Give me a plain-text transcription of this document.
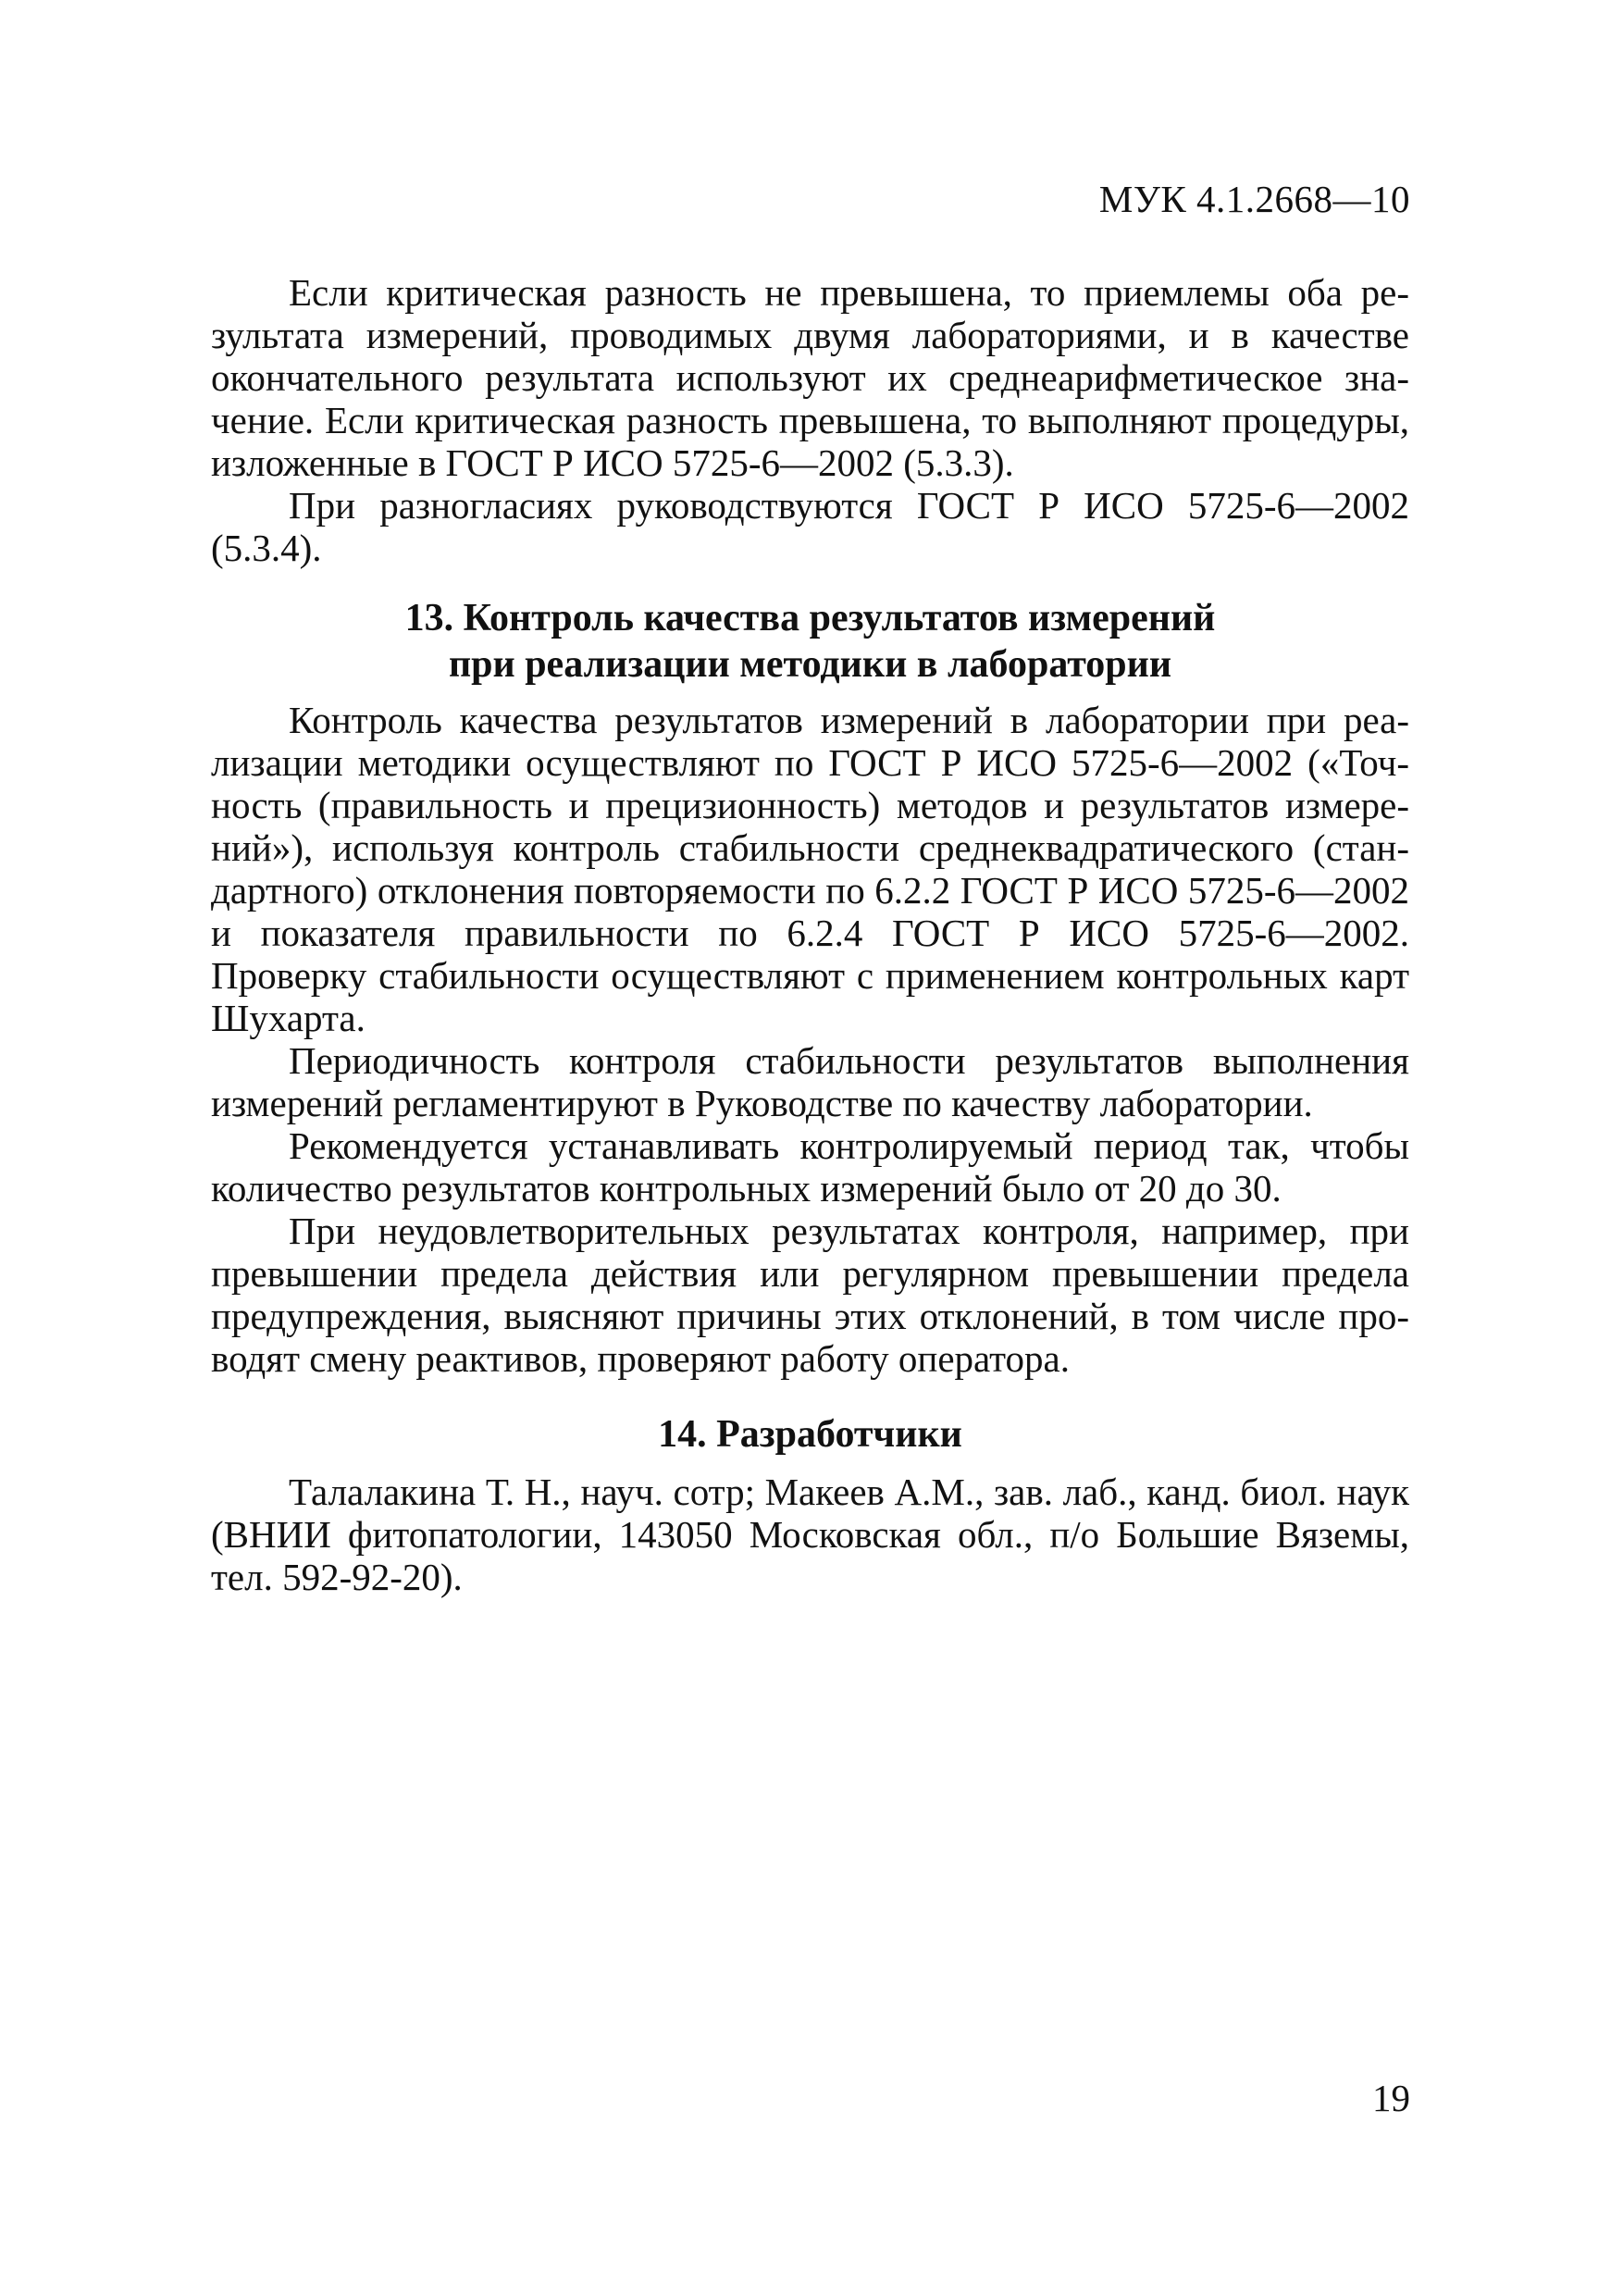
МУК 4.1.2668—10

Если критическая разность не превышена, то приемлемы оба результата измерений, проводимых двумя лабораториями, и в качестве окончательного результата используют их среднеарифметическое значение. Если критическая разность превышена, то выполняют процедуры, изложенные в ГОСТ Р ИСО 5725-6—2002 (5.3.3).

При разногласиях руководствуются ГОСТ Р ИСО 5725-6—2002 (5.3.4).

13. Контроль качества результатов измерений
при реализации методики в лаборатории

Контроль качества результатов измерений в лаборатории при реализации методики осуществляют по ГОСТ Р ИСО 5725-6—2002 («Точность (правильность и прецизионность) методов и результатов измерений»), используя контроль стабильности среднеквадратического (стандартного) отклонения повторяемости по 6.2.2 ГОСТ Р ИСО 5725-6—2002 и показателя правильности по 6.2.4 ГОСТ Р ИСО 5725-6—2002. Проверку стабильности осуществляют с применением контрольных карт Шухарта.

Периодичность контроля стабильности результатов выполнения измерений регламентируют в Руководстве по качеству лаборатории.

Рекомендуется устанавливать контролируемый период так, чтобы количество результатов контрольных измерений было от 20 до 30.

При неудовлетворительных результатах контроля, например, при превышении предела действия или регулярном превышении предела предупреждения, выясняют причины этих отклонений, в том числе проводят смену реактивов, проверяют работу оператора.

14. Разработчики

Талалакина Т. Н., науч. сотр; Макеев А.М., зав. лаб., канд. биол. наук (ВНИИ фитопатологии, 143050 Московская обл., п/о Большие Вяземы, тел. 592-92-20).

19
